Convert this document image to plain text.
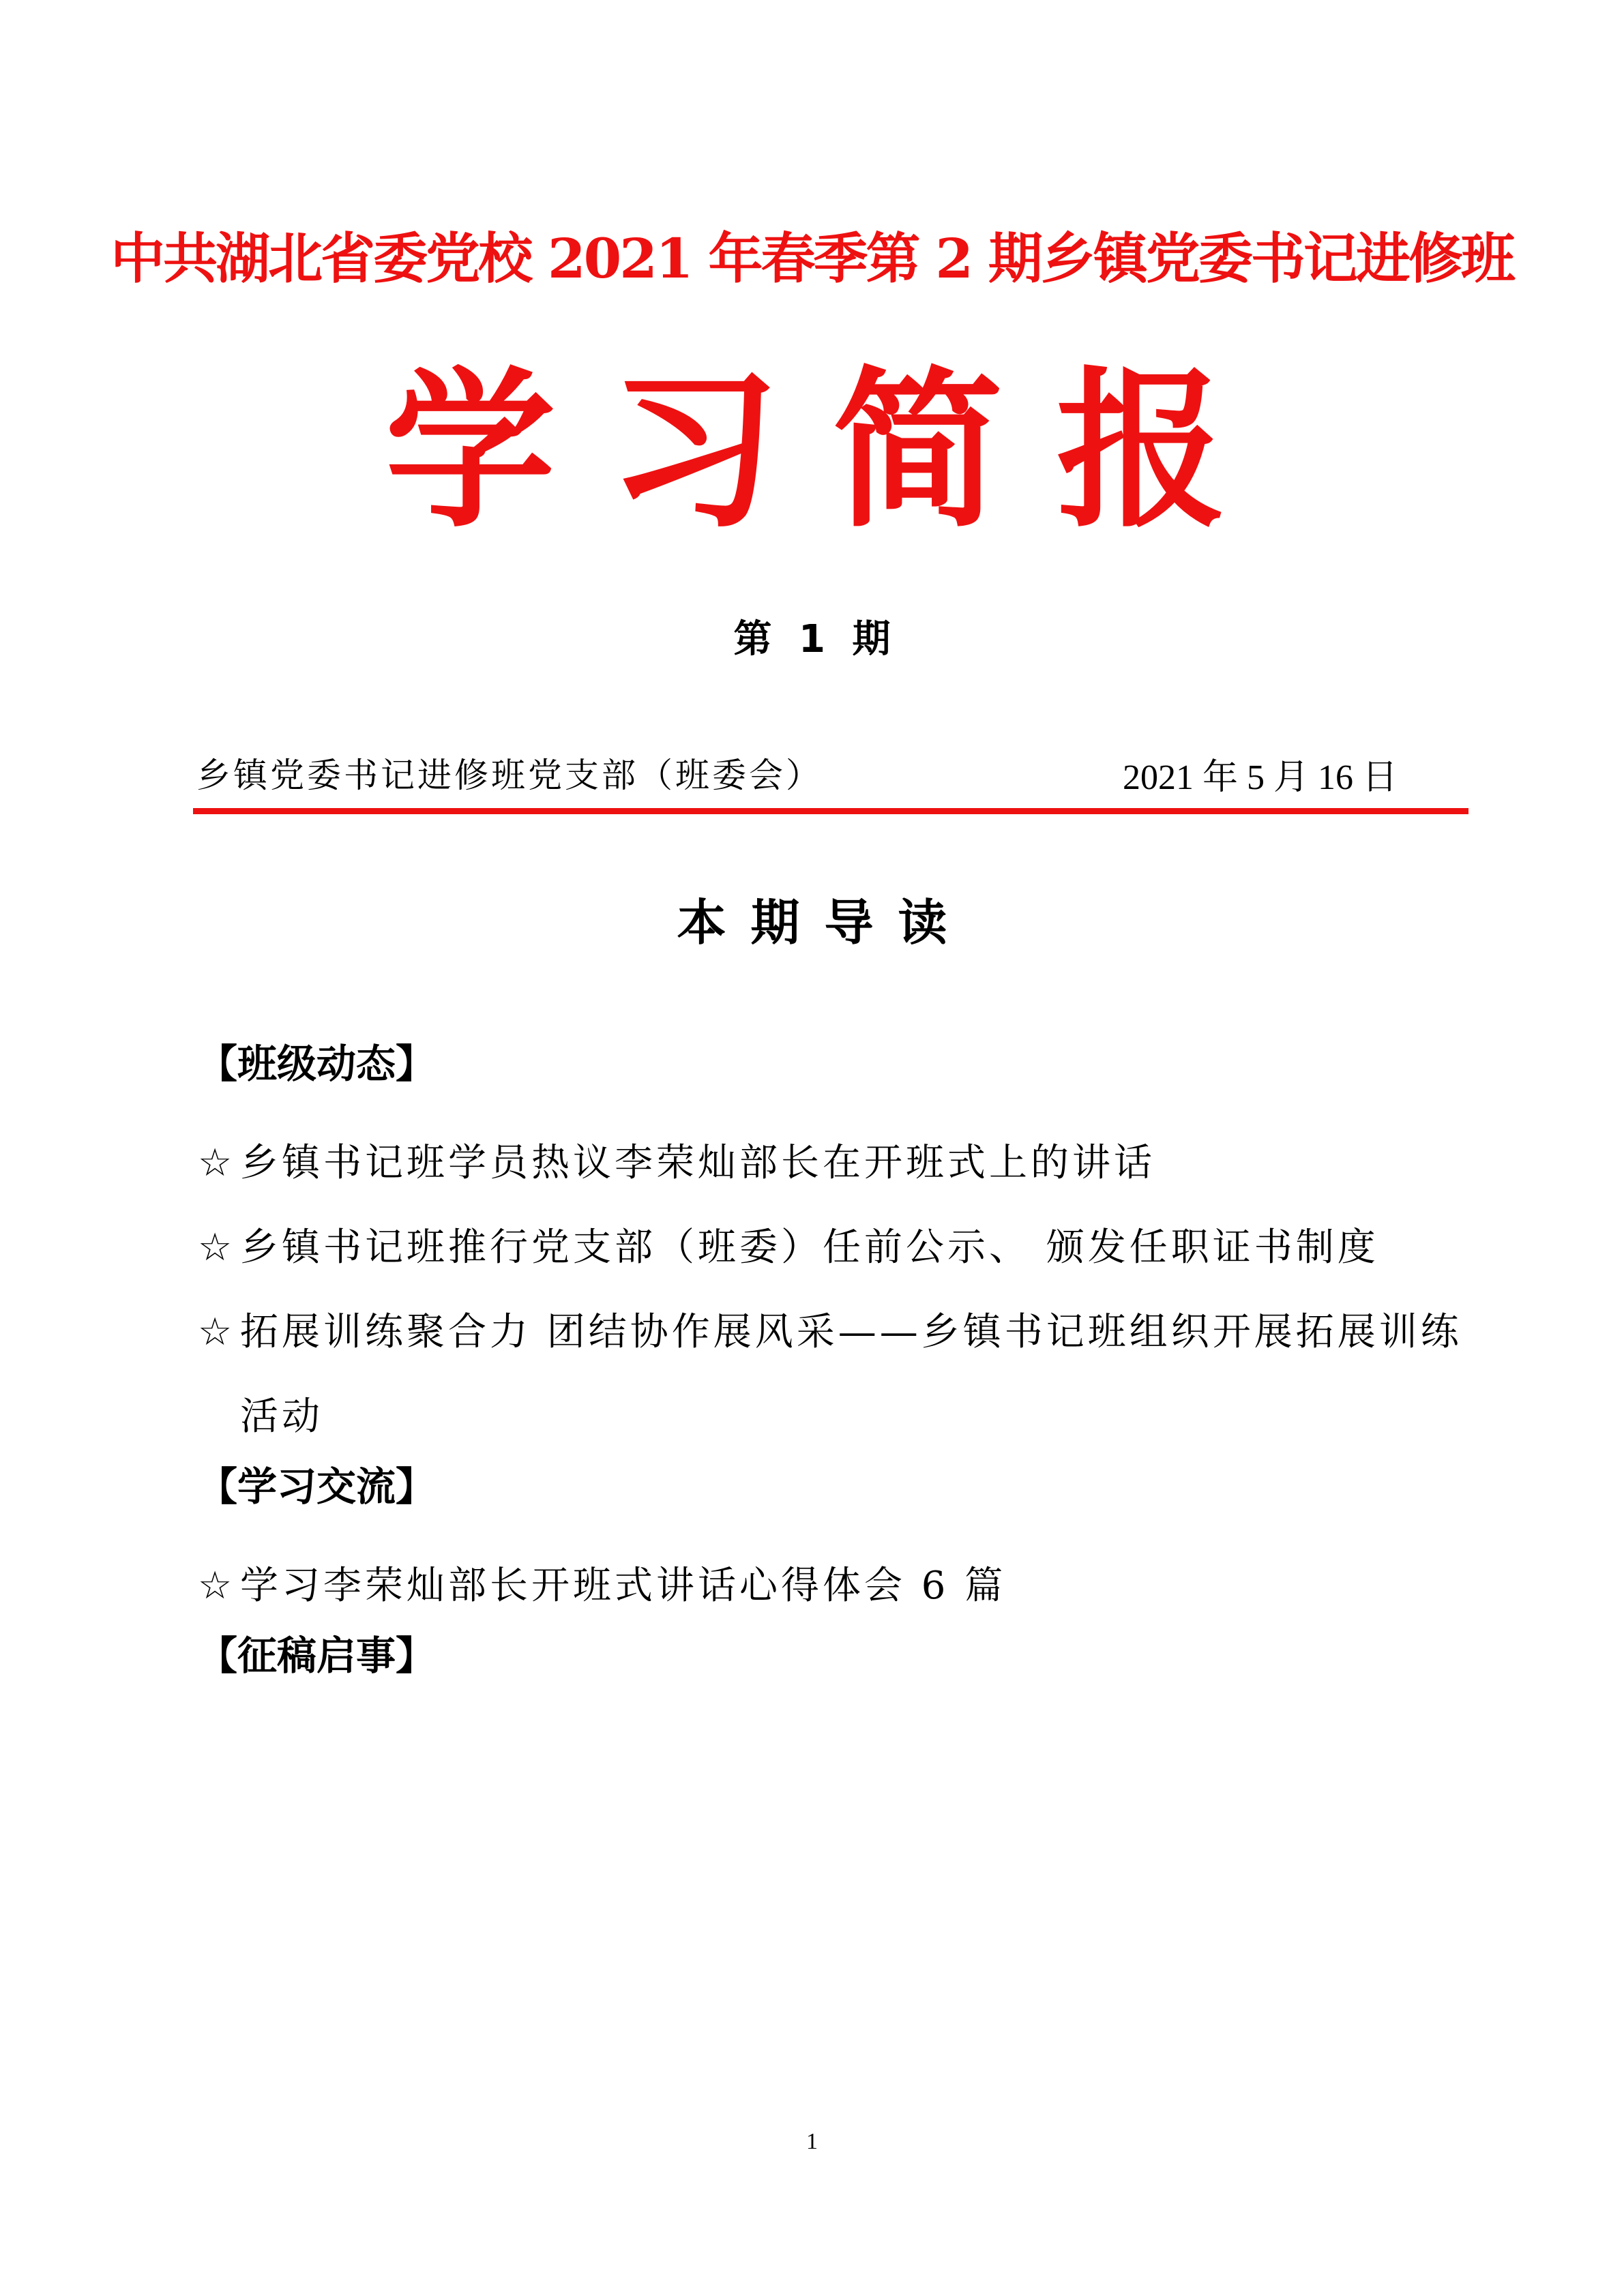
中共湖北省委党校 2021 年春季第 2 期乡镇党委书记进修班
学习简报
第 1 期
乡镇党委书记进修班党支部（班委会）	2021 年 5 月 16 日
本期导读
【班级动态】
☆ 乡镇书记班学员热议李荣灿部长在开班式上的讲话
☆ 乡镇书记班推行党支部（班委）任前公示、 颁发任职证书制度
☆ 拓展训练聚合力 团结协作展风采——乡镇书记班组织开展拓展训练活动
【学习交流】
☆ 学习李荣灿部长开班式讲话心得体会 6 篇
【征稿启事】
1
